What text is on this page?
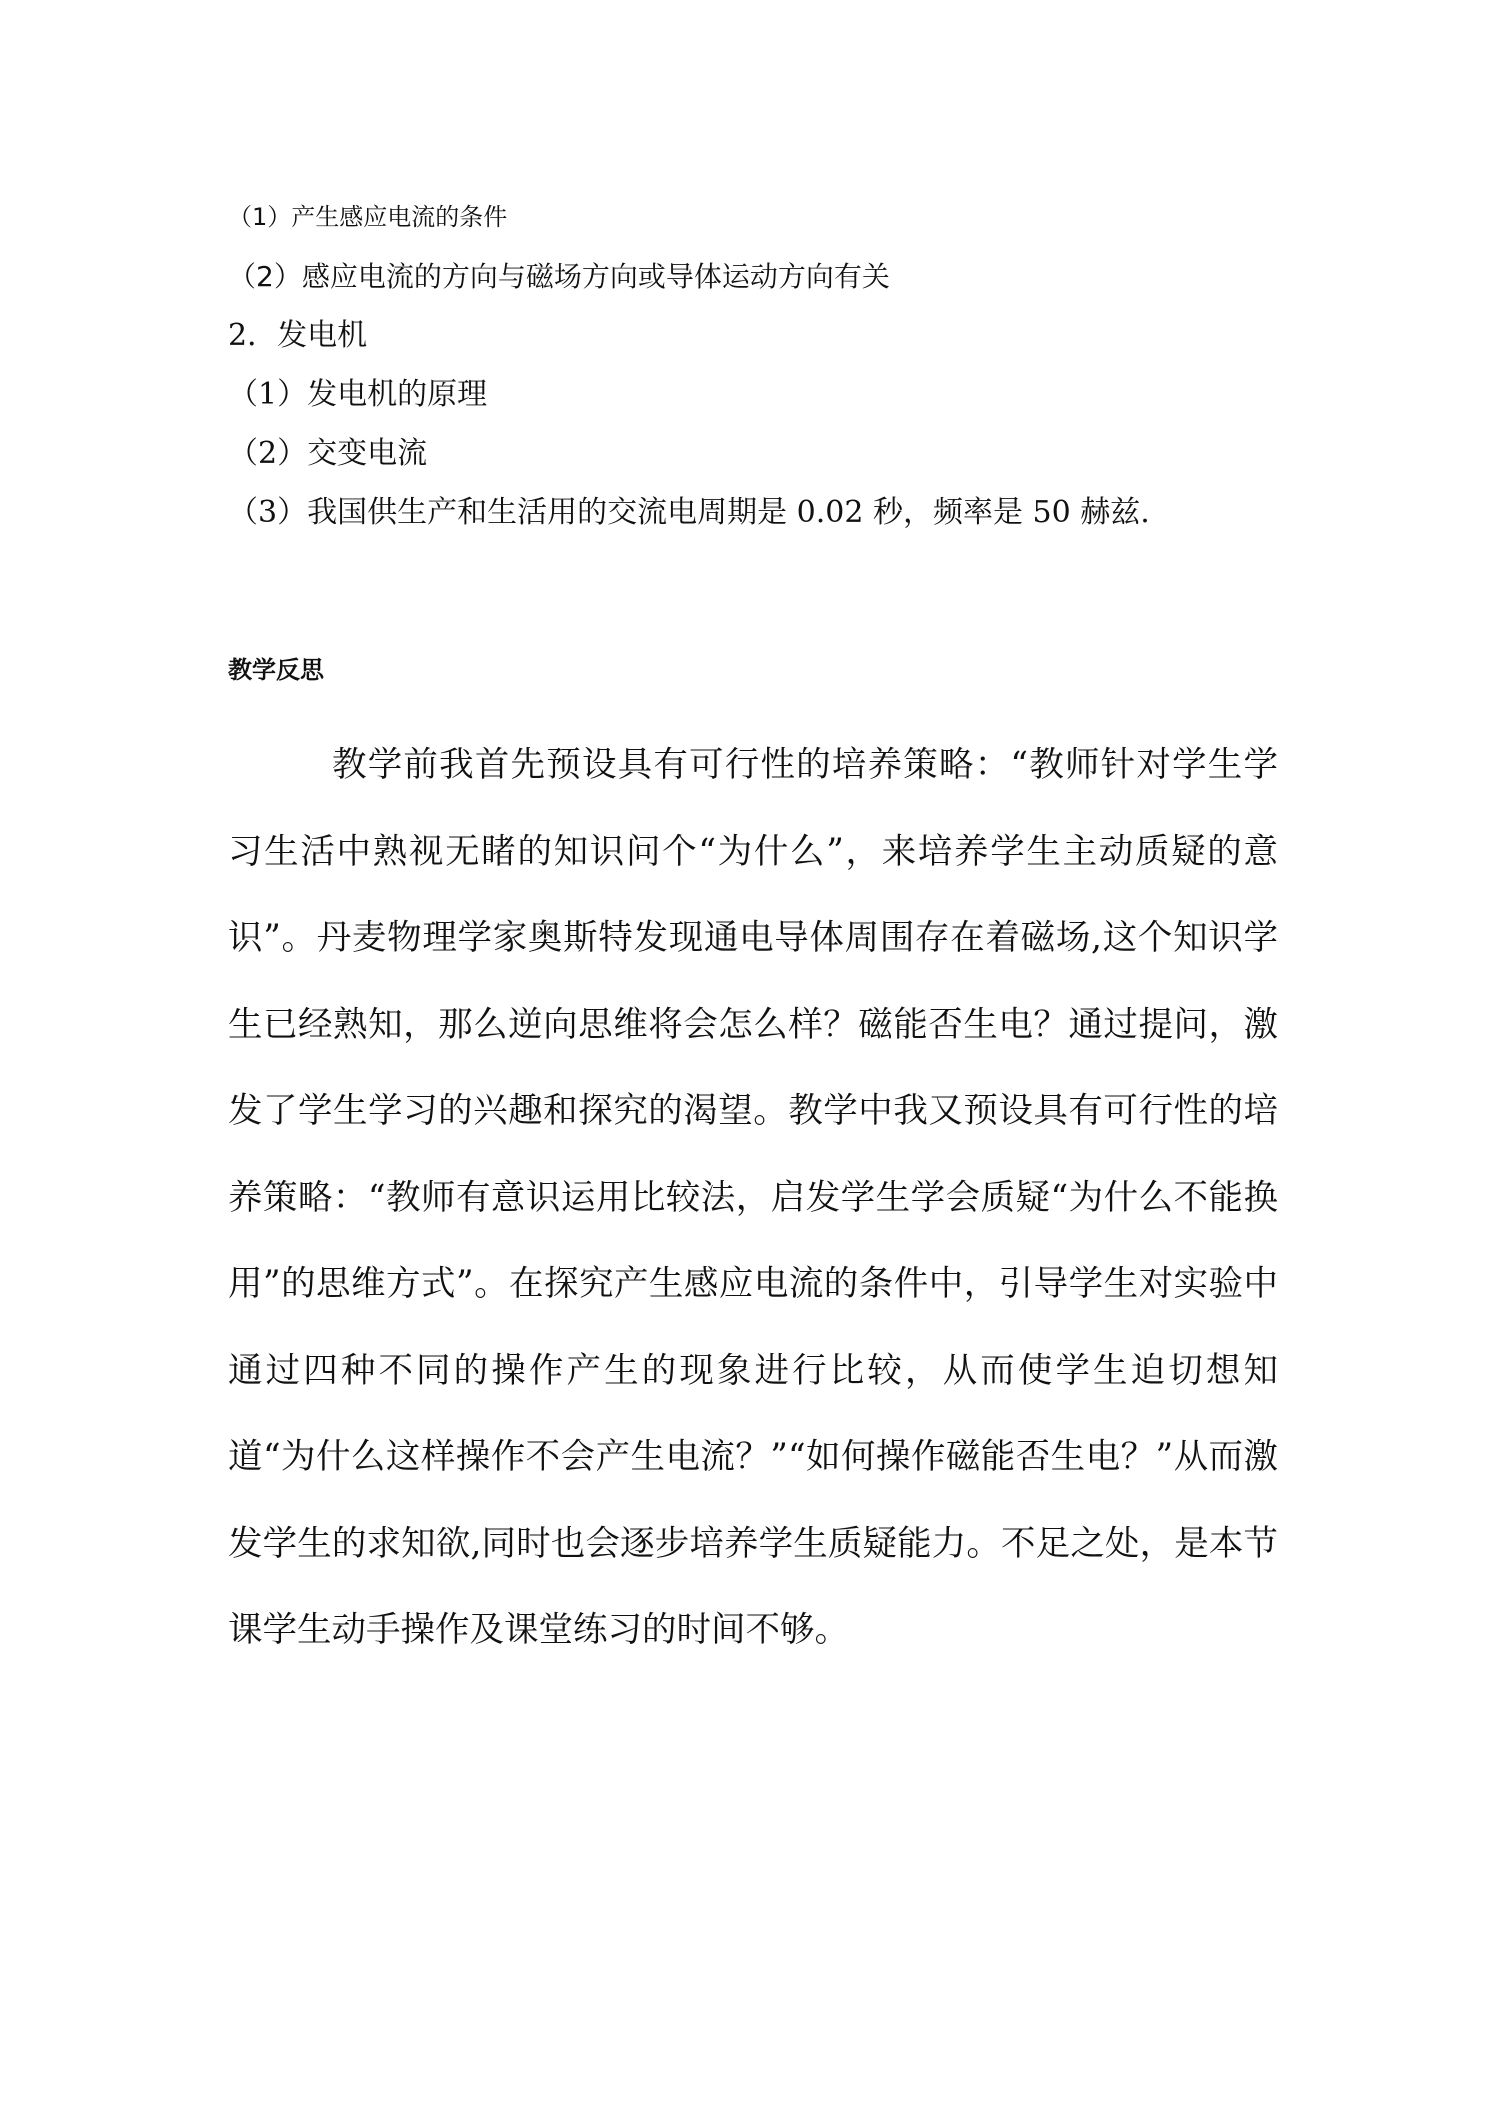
（1）产生感应电流的条件
（2）感应电流的方向与磁场方向或导体运动方向有关
2．发电机
（1）发电机的原理
（2）交变电流
（3）我国供生产和生活用的交流电周期是 0.02 秒，频率是 50 赫兹.
教学反思

教学前我首先预设具有可行性的培养策略：“教师针对学生学习生活中熟视无睹的知识问个“为什么”，来培养学生主动质疑的意识”。丹麦物理学家奥斯特发现通电导体周围存在着磁场,这个知识学生已经熟知，那么逆向思维将会怎么样？磁能否生电？通过提问，激发了学生学习的兴趣和探究的渴望。教学中我又预设具有可行性的培养策略：“教师有意识运用比较法，启发学生学会质疑“为什么不能换用”的思维方式”。在探究产生感应电流的条件中，引导学生对实验中通过四种不同的操作产生的现象进行比较，从而使学生迫切想知道“为什么这样操作不会产生电流？”“如何操作磁能否生电？”从而激发学生的求知欲,同时也会逐步培养学生质疑能力。不足之处，是本节课学生动手操作及课堂练习的时间不够。
